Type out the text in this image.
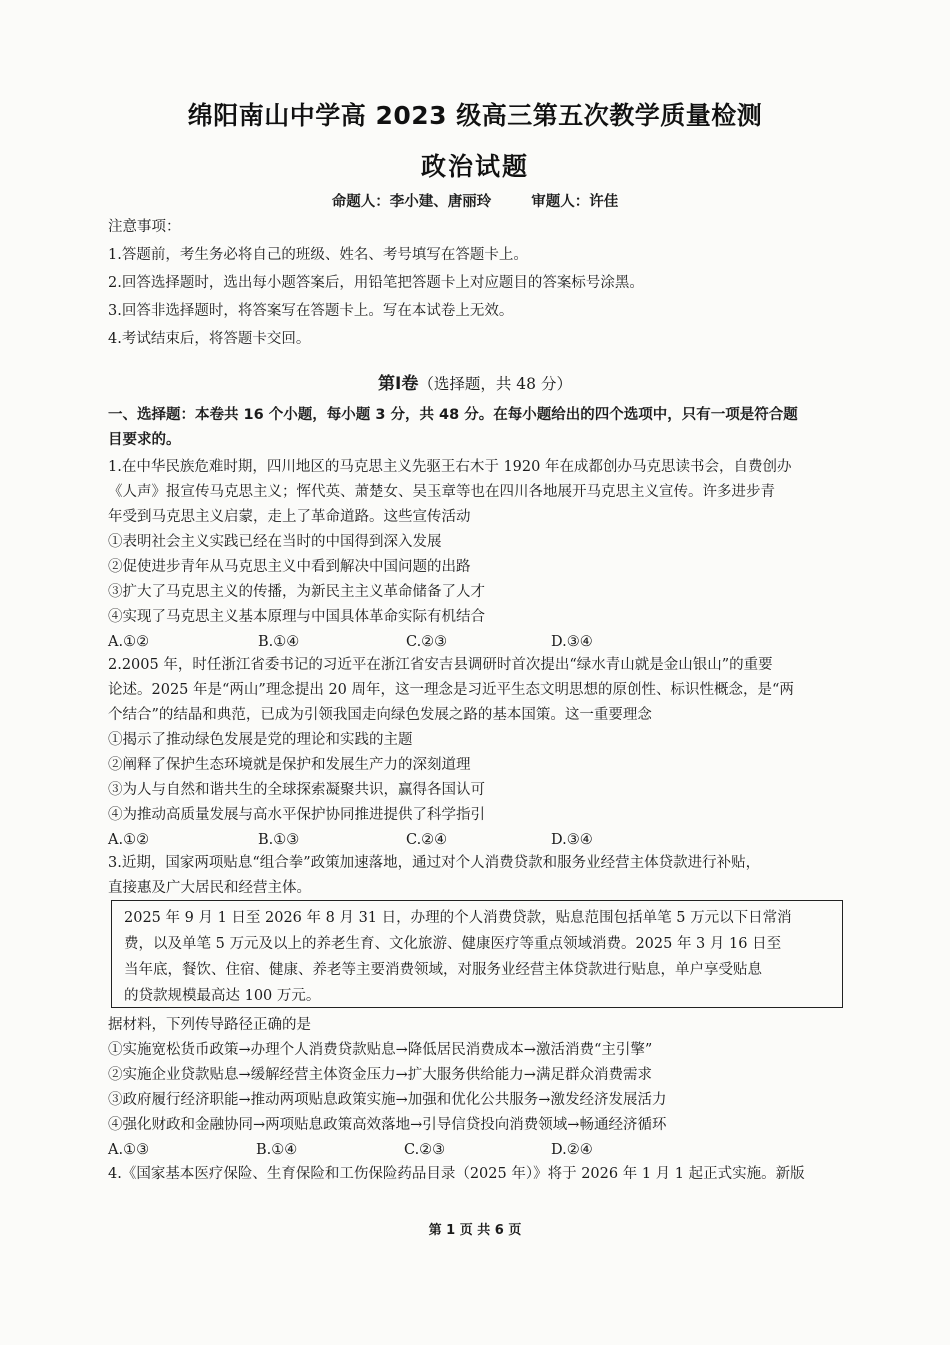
绵阳南山中学高 2023 级高三第五次教学质量检测
政治试题
命题人：李小建、唐丽玲	审题人：许佳
注意事项：
1.答题前，考生务必将自己的班级、姓名、考号填写在答题卡上。
2.回答选择题时，选出每小题答案后，用铅笔把答题卡上对应题目的答案标号涂黑。
3.回答非选择题时，将答案写在答题卡上。写在本试卷上无效。
4.考试结束后，将答题卡交回。
第Ⅰ卷（选择题，共 48 分）
一、选择题：本卷共 16 个小题，每小题 3 分，共 48 分。在每小题给出的四个选项中，只有一项是符合题
目要求的。
1.在中华民族危难时期，四川地区的马克思主义先驱王右木于 1920 年在成都创办马克思读书会，自费创办
《人声》报宣传马克思主义；恽代英、萧楚女、吴玉章等也在四川各地展开马克思主义宣传。许多进步青
年受到马克思主义启蒙，走上了革命道路。这些宣传活动
①表明社会主义实践已经在当时的中国得到深入发展
②促使进步青年从马克思主义中看到解决中国问题的出路
③扩大了马克思主义的传播，为新民主主义革命储备了人才
④实现了马克思主义基本原理与中国具体革命实际有机结合
A.①②	B.①④	C.②③	D.③④
2.2005 年，时任浙江省委书记的习近平在浙江省安吉县调研时首次提出“绿水青山就是金山银山”的重要
论述。2025 年是“两山”理念提出 20 周年，这一理念是习近平生态文明思想的原创性、标识性概念，是“两
个结合”的结晶和典范，已成为引领我国走向绿色发展之路的基本国策。这一重要理念
①揭示了推动绿色发展是党的理论和实践的主题
②阐释了保护生态环境就是保护和发展生产力的深刻道理
③为人与自然和谐共生的全球探索凝聚共识，赢得各国认可
④为推动高质量发展与高水平保护协同推进提供了科学指引
A.①②	B.①③	C.②④	D.③④
3.近期，国家两项贴息“组合拳”政策加速落地，通过对个人消费贷款和服务业经营主体贷款进行补贴，
直接惠及广大居民和经营主体。
2025 年 9 月 1 日至 2026 年 8 月 31 日，办理的个人消费贷款，贴息范围包括单笔 5 万元以下日常消
费，以及单笔 5 万元及以上的养老生育、文化旅游、健康医疗等重点领域消费。2025 年 3 月 16 日至
当年底，餐饮、住宿、健康、养老等主要消费领域，对服务业经营主体贷款进行贴息，单户享受贴息
的贷款规模最高达 100 万元。
据材料，下列传导路径正确的是
①实施宽松货币政策→办理个人消费贷款贴息→降低居民消费成本→激活消费“主引擎”
②实施企业贷款贴息→缓解经营主体资金压力→扩大服务供给能力→满足群众消费需求
③政府履行经济职能→推动两项贴息政策实施→加强和优化公共服务→激发经济发展活力
④强化财政和金融协同→两项贴息政策高效落地→引导信贷投向消费领域→畅通经济循环
A.①③	B.①④	C.②③	D.②④
4.《国家基本医疗保险、生育保险和工伤保险药品目录（2025 年）》将于 2026 年 1 月 1 起正式实施。新版
第 1 页 共 6 页
